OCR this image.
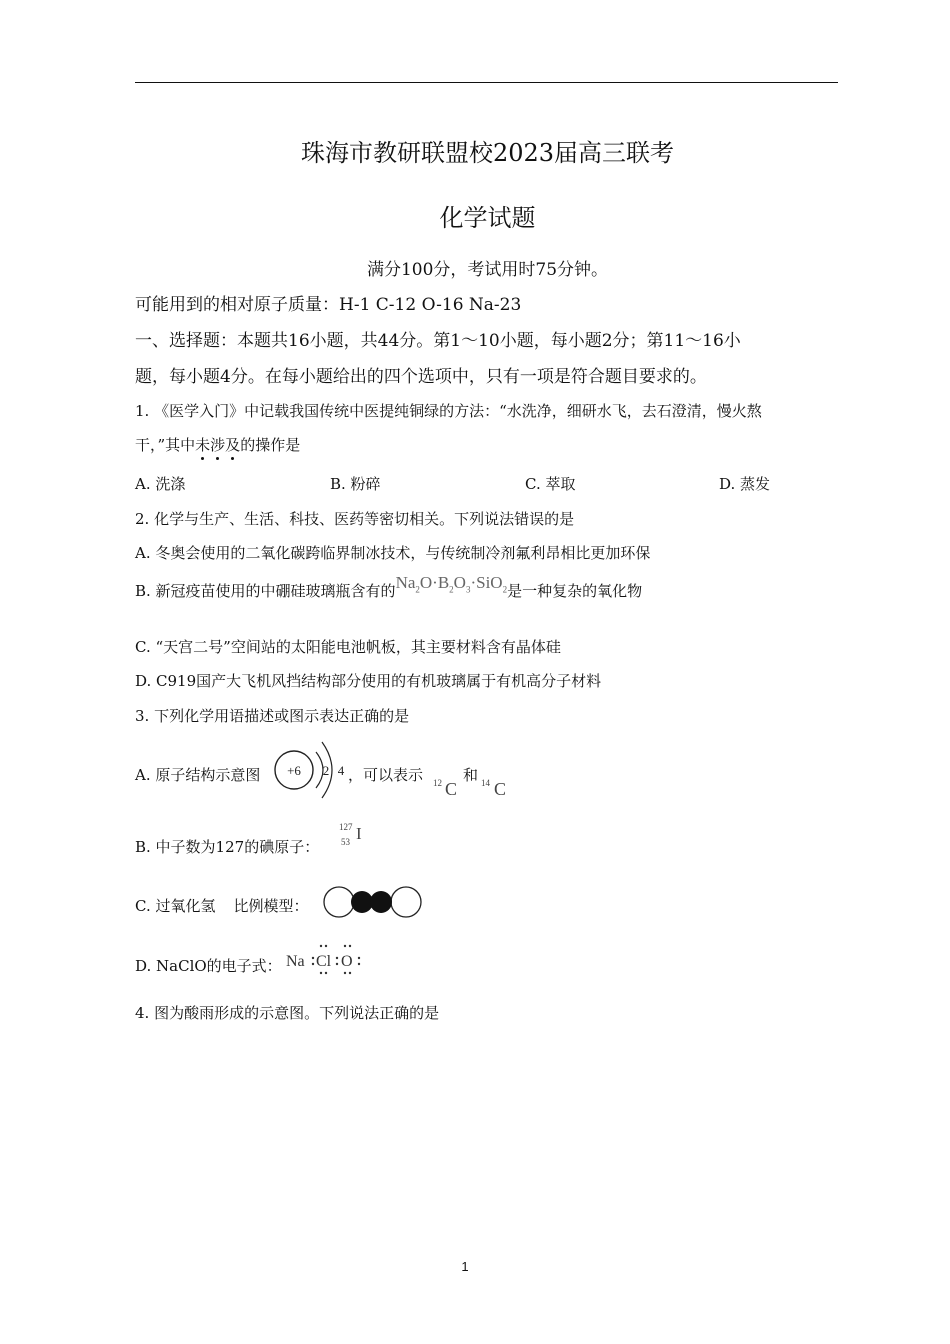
珠海市教研联盟校2023届高三联考
化学试题
满分100分，考试用时75分钟。
可能用到的相对原子质量：H-1 C-12 O-16 Na-23
一、选择题：本题共16小题，共44分。第1～10小题，每小题2分；第11～16小
题，每小题4分。在每小题给出的四个选项中，只有一项是符合题目要求的。
1. 《医学入门》中记载我国传统中医提纯铜绿的方法：“水洗净，细研水飞，去石澄清，慢火熬
干，”其中未涉及
的操作是
A. 洗涤	B. 粉碎	C. 萃取	D. 蒸发
2. 化学与生产、生活、科技、医药等密切相关。下列说法错误的是
A. 冬奥会使用的二氧化碳跨临界制冰技术，与传统制冷剂氟利昂相比更加环保
B. 新冠疫苗使用的中硼硅玻璃瓶含有的$Na_2O\cdot B_2O_3\cdot SiO_2$是一种复杂的氧化物
C. “天宫二号”空间站的太阳能电池帆板，其主要材料含有晶体硅
D. C919国产大飞机风挡结构部分使用的有机玻璃属于有机高分子材料
3. 下列化学用语描述或图示表达正确的是
A. 原子结构示意图 +6 2 4 ，可以表示 12 C
和 14 C
B. 中子数为127的碘原子：
127
53 I
C. 过氧化氢 比例模型：
D. NaClO的电子式： Na Cl O
4. 图为酸雨形成的示意图。下列说法正确的是
1
